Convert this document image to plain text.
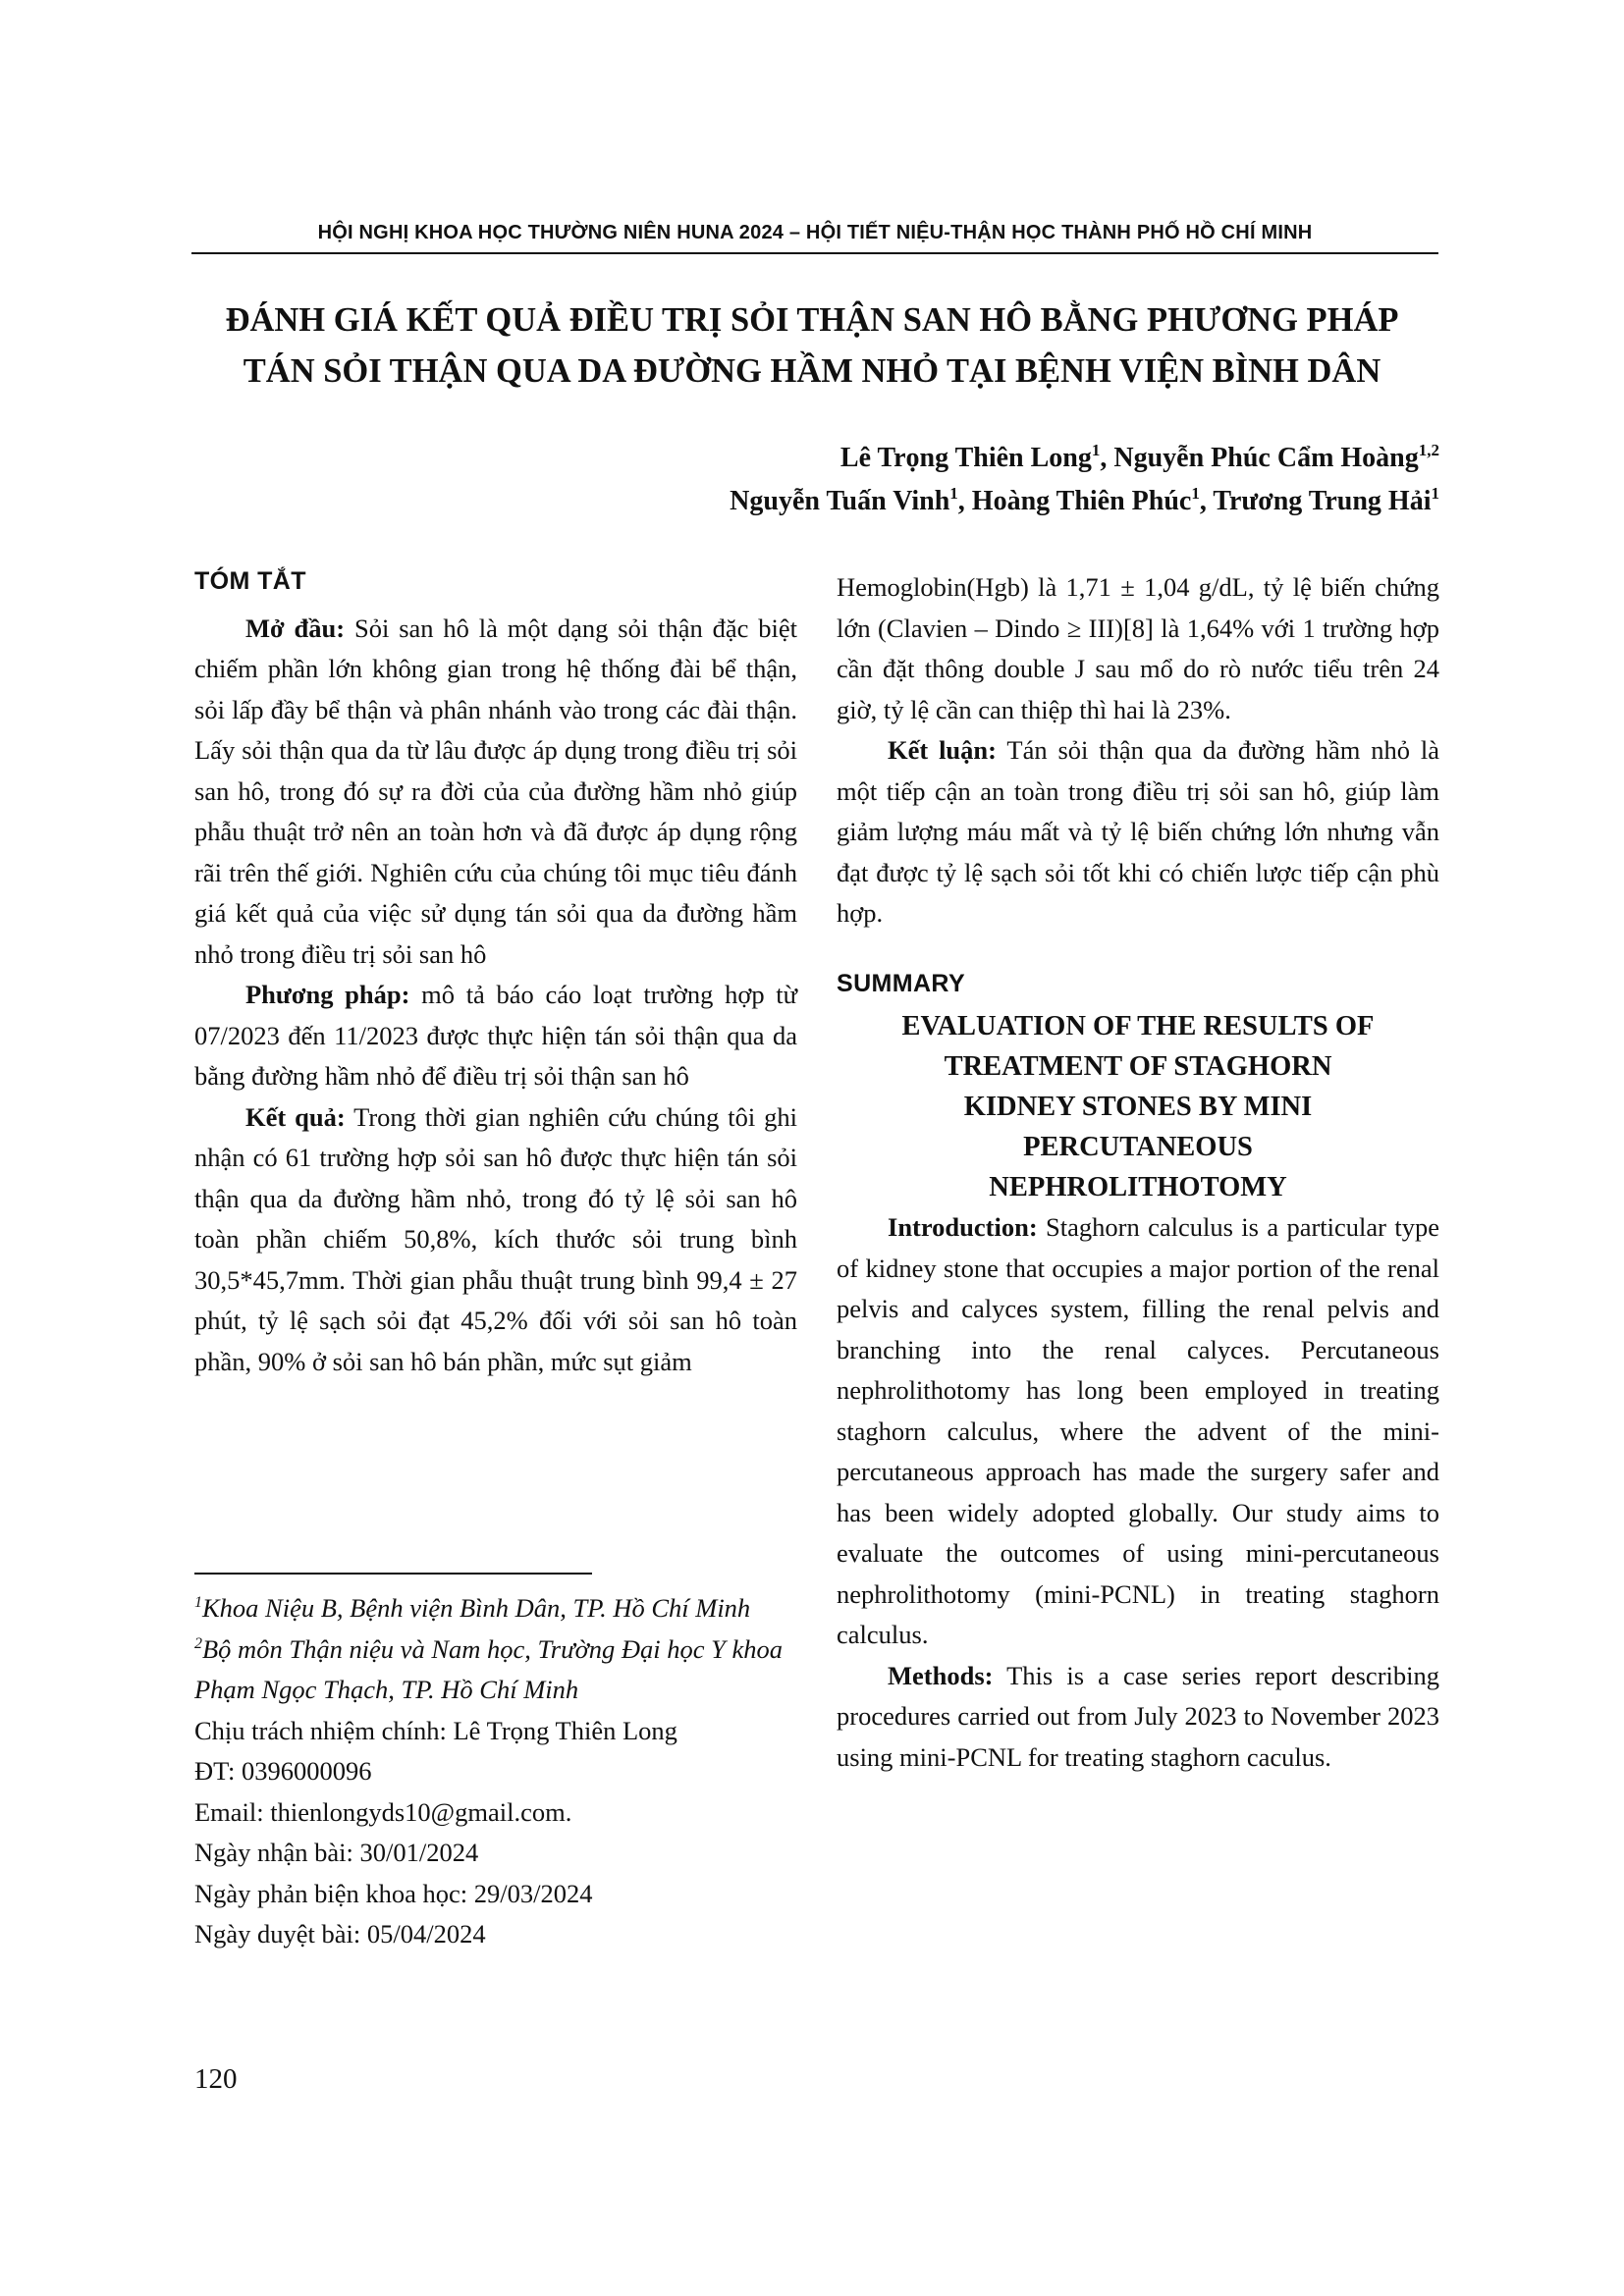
HỘI NGHỊ KHOA HỌC THƯỜNG NIÊN HUNA 2024 – HỘI TIẾT NIỆU-THẬN HỌC THÀNH PHỐ HỒ CHÍ MINH
ĐÁNH GIÁ KẾT QUẢ ĐIỀU TRỊ SỎI THẬN SAN HÔ BẰNG PHƯƠNG PHÁP
TÁN SỎI THẬN QUA DA ĐƯỜNG HẦM NHỎ TẠI BỆNH VIỆN BÌNH DÂN
Lê Trọng Thiên Long$^1$, Nguyễn Phúc Cẩm Hoàng$^{1,2}$
Nguyễn Tuấn Vinh$^1$, Hoàng Thiên Phúc$^1$, Trương Trung Hải$^1$
TÓM TẮT

Mở đầu: Sỏi san hô là một dạng sỏi thận đặc biệt chiếm phần lớn không gian trong hệ thống đài bể thận, sỏi lấp đầy bể thận và phân nhánh vào trong các đài thận. Lấy sỏi thận qua da từ lâu được áp dụng trong điều trị sỏi san hô, trong đó sự ra đời của của đường hầm nhỏ giúp phẫu thuật trở nên an toàn hơn và đã được áp dụng rộng rãi trên thế giới. Nghiên cứu của chúng tôi mục tiêu đánh giá kết quả của việc sử dụng tán sỏi qua da đường hầm nhỏ trong điều trị sỏi san hô

Phương pháp: mô tả báo cáo loạt trường hợp từ 07/2023 đến 11/2023 được thực hiện tán sỏi thận qua da bằng đường hầm nhỏ để điều trị sỏi thận san hô

Kết quả: Trong thời gian nghiên cứu chúng tôi ghi nhận có 61 trường hợp sỏi san hô được thực hiện tán sỏi thận qua da đường hầm nhỏ, trong đó tỷ lệ sỏi san hô toàn phần chiếm 50,8%, kích thước sỏi trung bình 30,5*45,7mm. Thời gian phẫu thuật trung bình 99,4 ± 27 phút, tỷ lệ sạch sỏi đạt 45,2% đối với sỏi san hô toàn phần, 90% ở sỏi san hô bán phần, mức sụt giảm

$^1$Khoa Niệu B, Bệnh viện Bình Dân, TP. Hồ Chí Minh

$^2$Bộ môn Thận niệu và Nam học, Trường Đại học Y khoa Phạm Ngọc Thạch, TP. Hồ Chí Minh

Chịu trách nhiệm chính: Lê Trọng Thiên Long

ĐT: 0396000096

Email: thienlongyds10@gmail.com.

Ngày nhận bài: 30/01/2024

Ngày phản biện khoa học: 29/03/2024

Ngày duyệt bài: 05/04/2024

Hemoglobin(Hgb) là 1,71 ± 1,04 g/dL, tỷ lệ biến chứng lớn (Clavien – Dindo ≥ III)[8] là 1,64% với 1 trường hợp cần đặt thông double J sau mổ do rò nước tiểu trên 24 giờ, tỷ lệ cần can thiệp thì hai là 23%.

Kết luận: Tán sỏi thận qua da đường hầm nhỏ là một tiếp cận an toàn trong điều trị sỏi san hô, giúp làm giảm lượng máu mất và tỷ lệ biến chứng lớn nhưng vẫn đạt được tỷ lệ sạch sỏi tốt khi có chiến lược tiếp cận phù hợp.

SUMMARY
EVALUATION OF THE RESULTS OF
TREATMENT OF STAGHORN
KIDNEY STONES BY MINI
PERCUTANEOUS
NEPHROLITHOTOMY

Introduction: Staghorn calculus is a particular type of kidney stone that occupies a major portion of the renal pelvis and calyces system, filling the renal pelvis and branching into the renal calyces. Percutaneous nephrolithotomy has long been employed in treating staghorn calculus, where the advent of the mini-percutaneous approach has made the surgery safer and has been widely adopted globally. Our study aims to evaluate the outcomes of using mini-percutaneous nephrolithotomy (mini-PCNL) in treating staghorn calculus.

Methods: This is a case series report describing procedures carried out from July 2023 to November 2023 using mini-PCNL for treating staghorn caculus.

120
